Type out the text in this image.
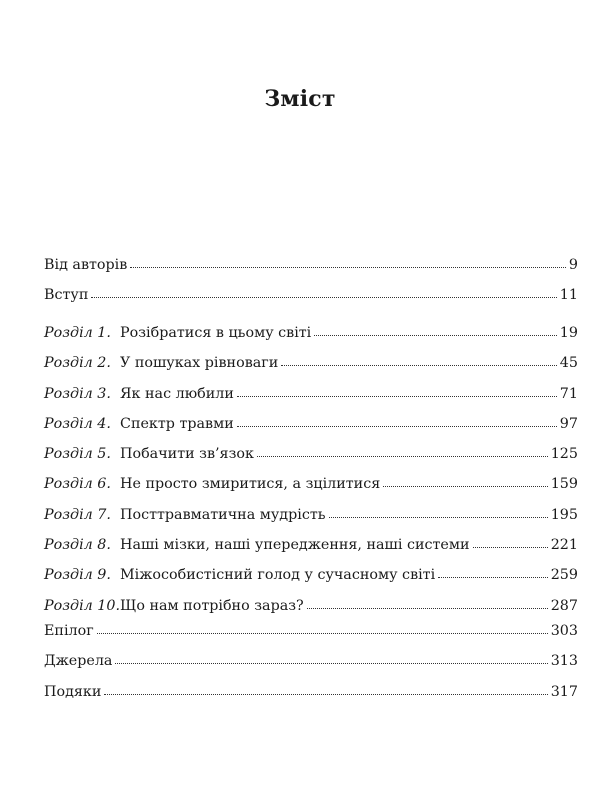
Зміст
Від авторів	9
Вступ	11
Розділ 1. Розібратися в цьому світі	19
Розділ 2. У пошуках рівноваги	45
Розділ 3. Як нас любили	71
Розділ 4. Спектр травми	97
Розділ 5. Побачити зв’язок	125
Розділ 6. Не просто змиритися, а зцілитися	159
Розділ 7. Посттравматична мудрість	195
Розділ 8. Наші мізки, наші упередження, наші системи	221
Розділ 9. Міжособистісний голод у сучасному світі	259
Розділ 10. Що нам потрібно зараз?	287
Епілог	303
Джерела	313
Подяки	317
